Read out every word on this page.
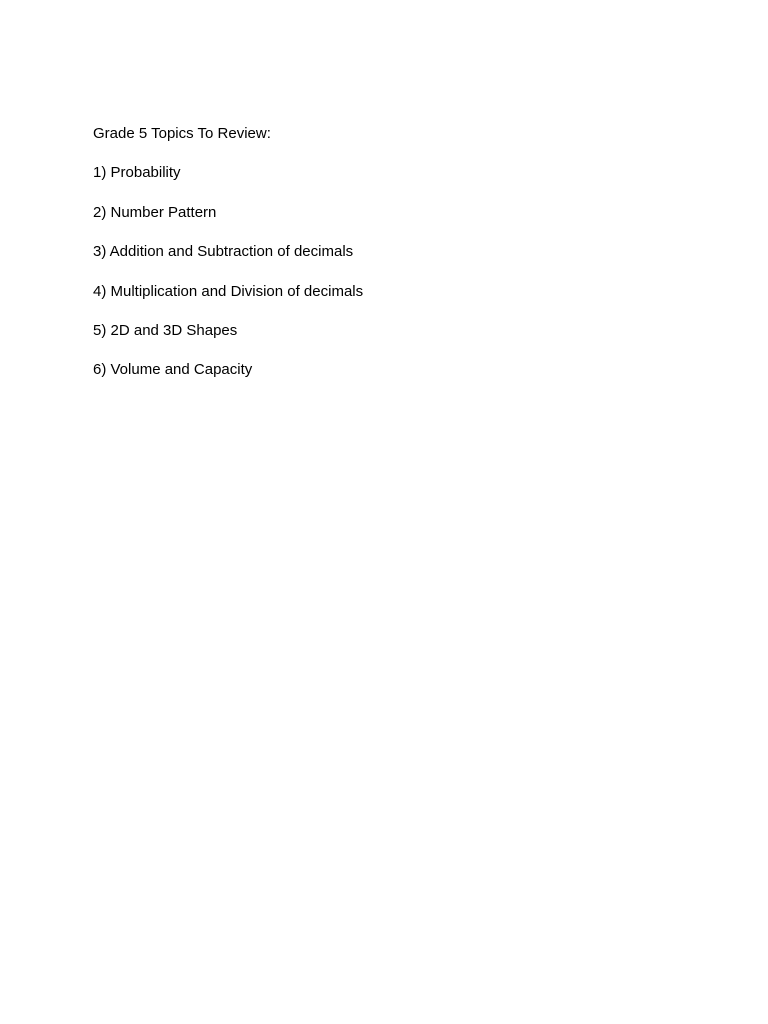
Grade 5 Topics To Review:
1) Probability
2) Number Pattern
3) Addition and Subtraction of decimals
4) Multiplication and Division of decimals
5) 2D and 3D Shapes
6) Volume and Capacity
